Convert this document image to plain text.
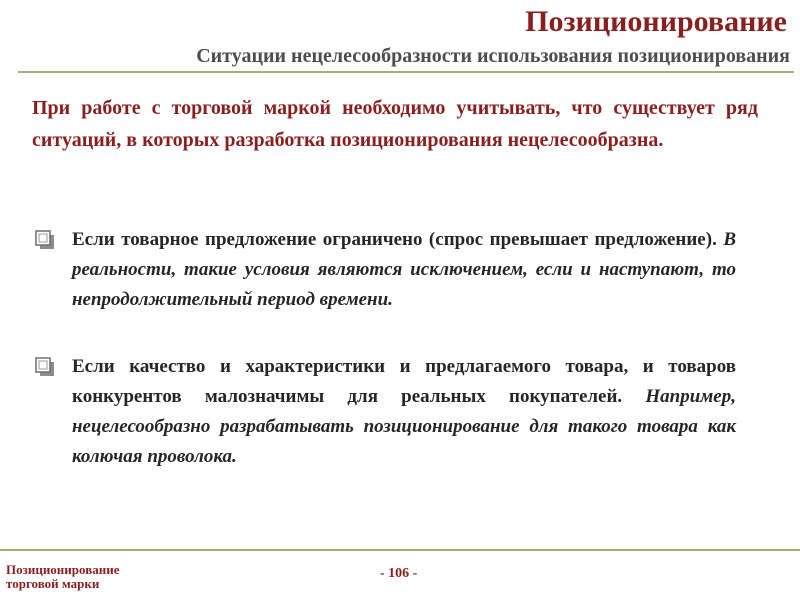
Позиционирование
Ситуации нецелесообразности использования позиционирования

При работе с торговой маркой необходимо учитывать, что существует ряд ситуаций, в которых разработка позиционирования нецелесообразна.

Если товарное предложение ограничено (спрос превышает предложение). В реальности, такие условия являются исключением, если и наступают, то непродолжительный период времени.

Если качество и характеристики и предлагаемого товара, и товаров конкурентов малозначимы для реальных покупателей. Например, нецелесообразно разрабатывать позиционирование для такого товара как колючая проволока.

Позиционирование
торговой марки
- 106 -
